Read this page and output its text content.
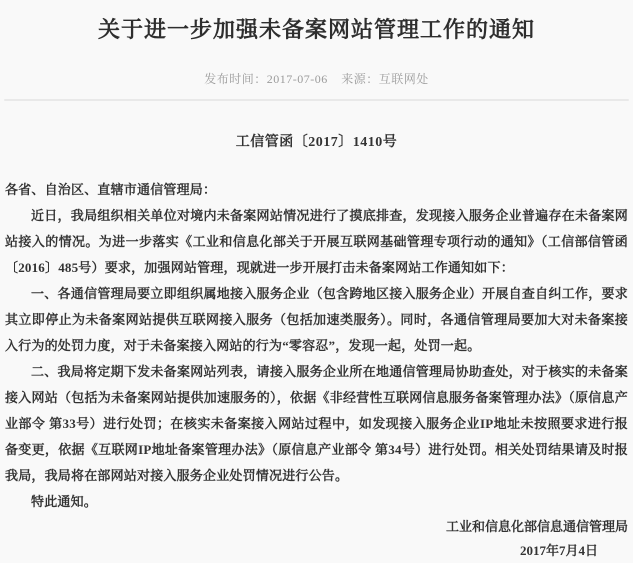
关于进一步加强未备案网站管理工作的通知
发布时间：2017-07-06 来源：互联网处
工信管函〔2017〕1410号

各省、自治区、直辖市通信管理局：

近日，我局组织相关单位对境内未备案网站情况进行了摸底排查，发现接入服务企业普遍存在未备案网站接入的情况。为进一步落实《工业和信息化部关于开展互联网基础管理专项行动的通知》（工信部信管函〔2016〕485号）要求，加强网站管理，现就进一步开展打击未备案网站工作通知如下：

一、各通信管理局要立即组织属地接入服务企业（包含跨地区接入服务企业）开展自查自纠工作，要求其立即停止为未备案网站提供互联网接入服务（包括加速类服务）。同时，各通信管理局要加大对未备案接入行为的处罚力度，对于未备案接入网站的行为“零容忍”，发现一起，处罚一起。

二、我局将定期下发未备案网站列表，请接入服务企业所在地通信管理局协助查处，对于核实的未备案接入网站（包括为未备案网站提供加速服务的），依据《非经营性互联网信息服务备案管理办法》（原信息产业部令 第33号）进行处罚；在核实未备案接入网站过程中，如发现接入服务企业IP地址未按照要求进行报备变更，依据《互联网IP地址备案管理办法》（原信息产业部令 第34号）进行处罚。相关处罚结果请及时报我局，我局将在部网站对接入服务企业处罚情况进行公告。

特此通知。

工业和信息化部信息通信管理局
2017年7月4日
